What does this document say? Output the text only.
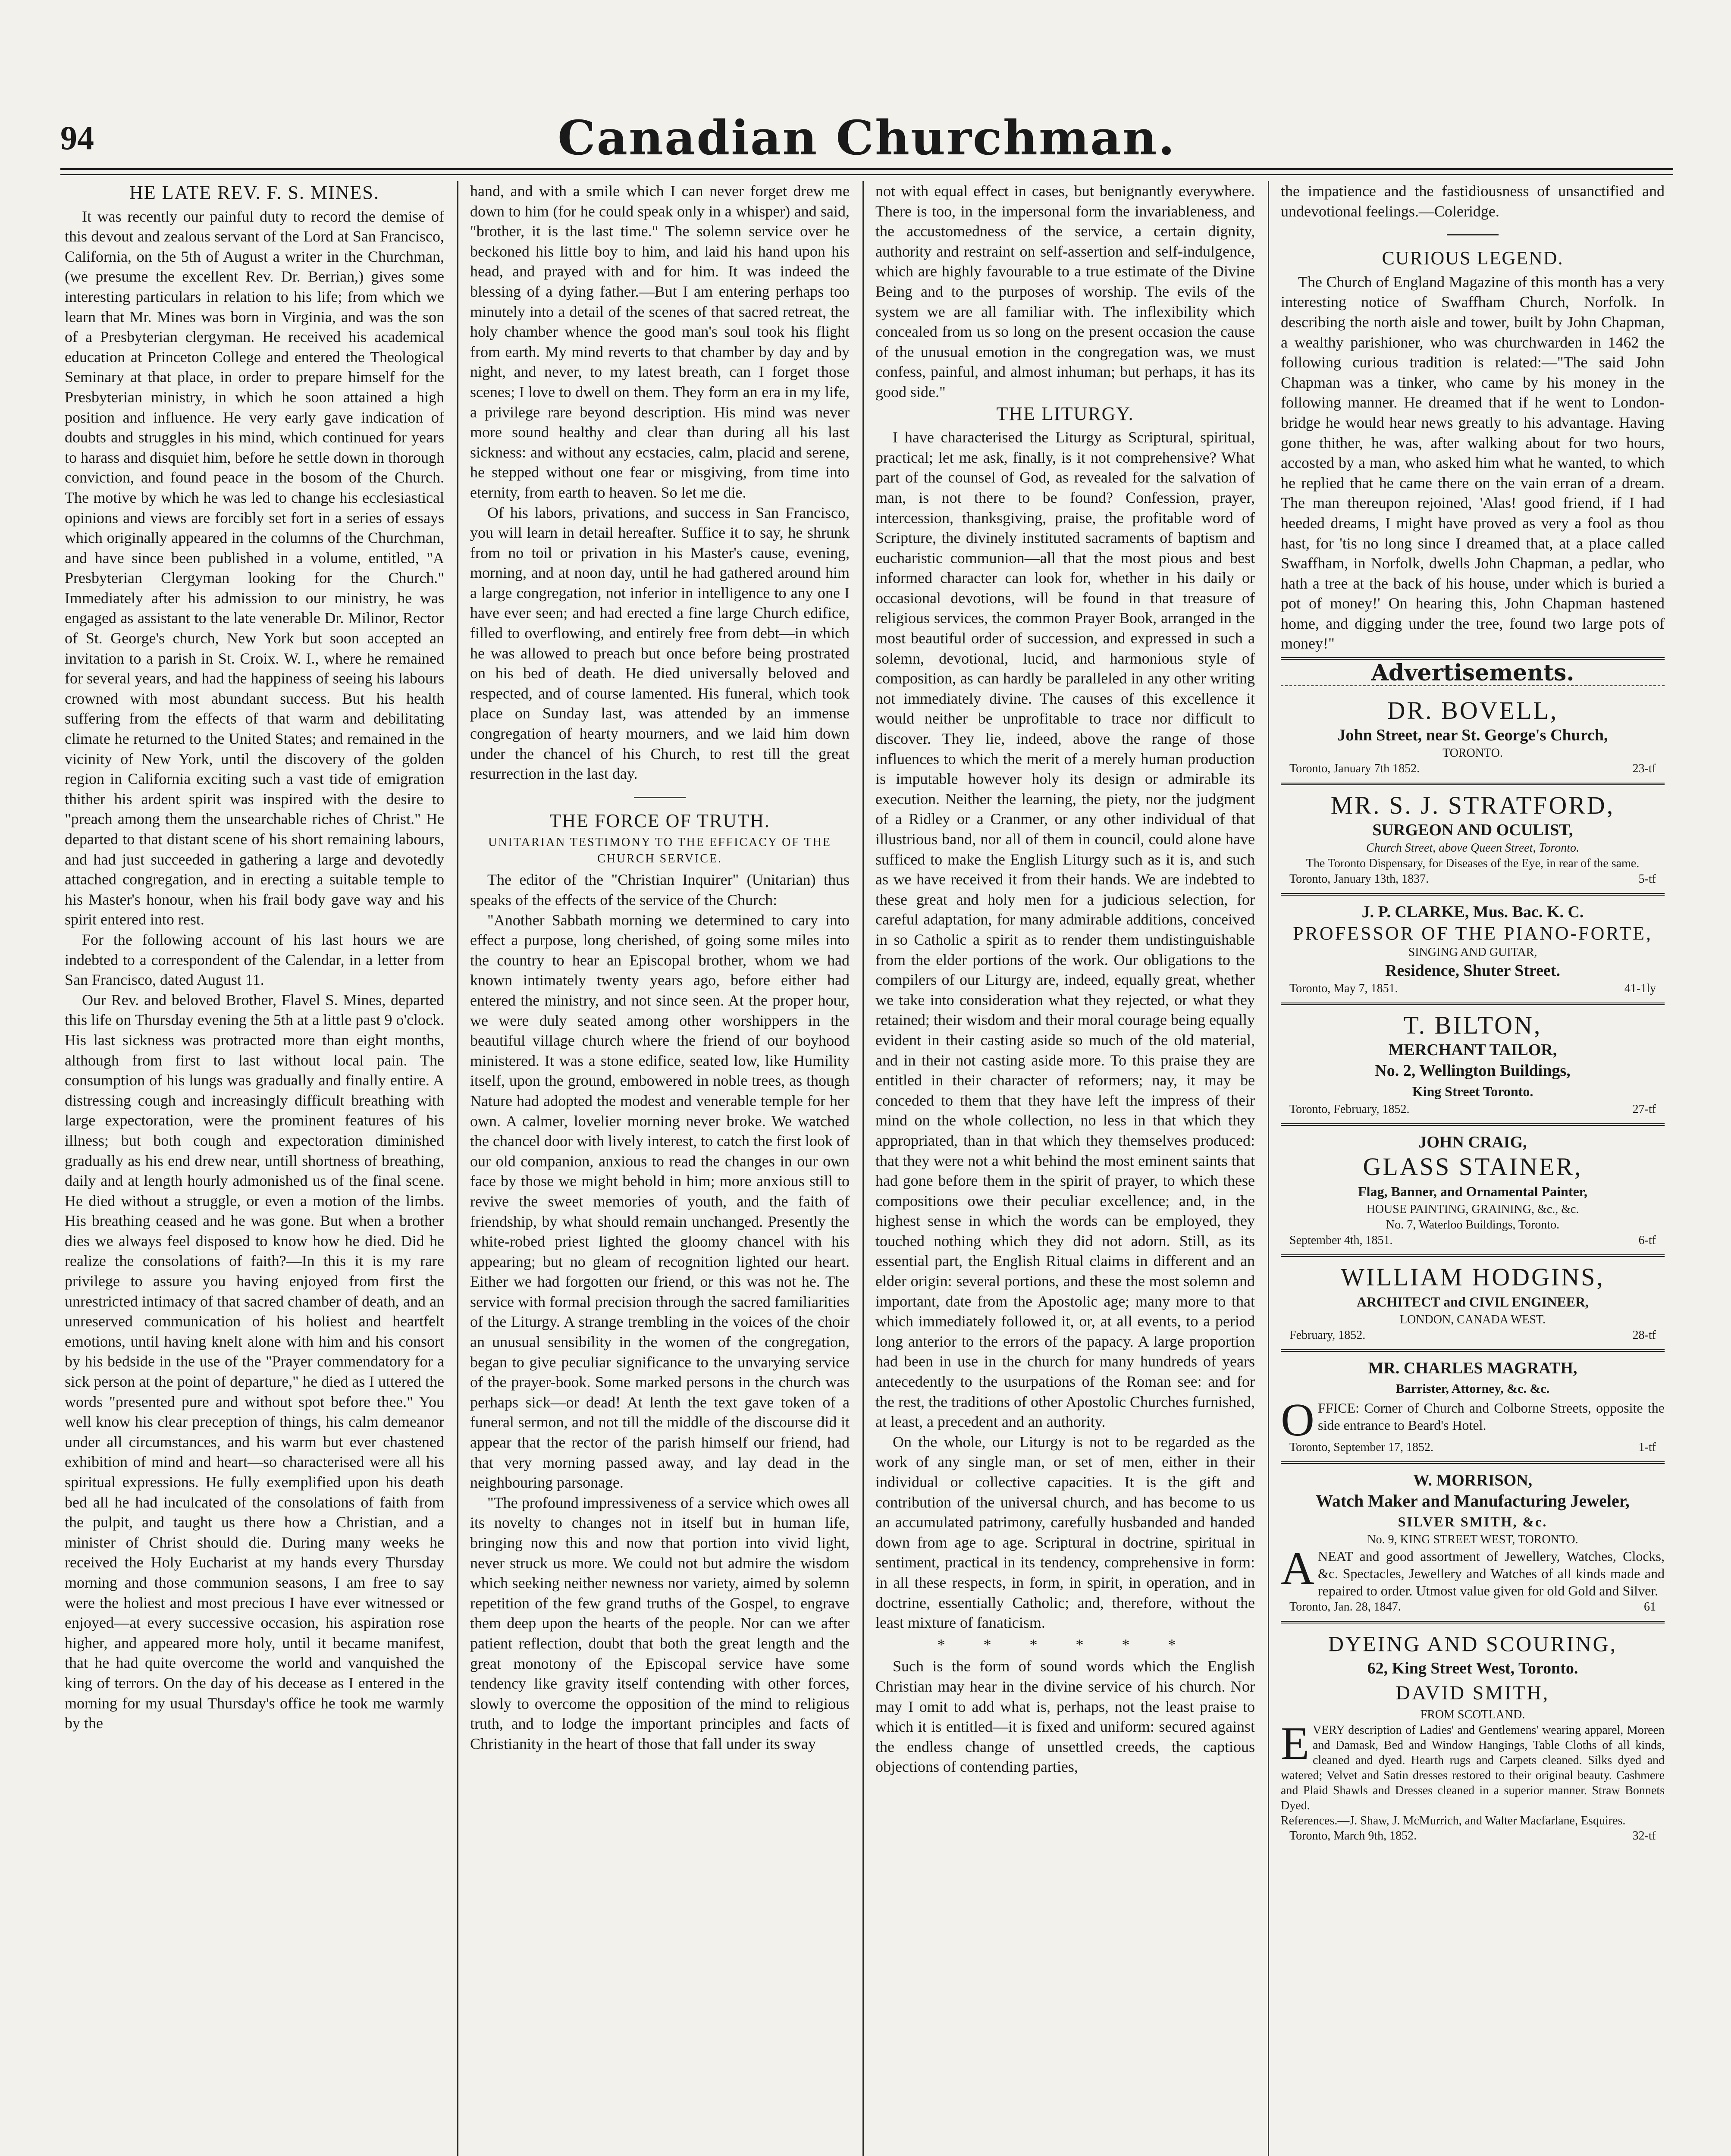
94	Canadian Churchman.
HE LATE REV. F. S. MINES.

It was recently our painful duty to record the demise of this devout and zealous servant of the Lord at San Francisco, California, on the 5th of August a writer in the Churchman, (we presume the excellent Rev. Dr. Berrian,) gives some interesting particulars in relation to his life; from which we learn that Mr. Mines was born in Virginia, and was the son of a Presbyterian clergyman. He received his academical education at Princeton College and entered the Theological Seminary at that place, in order to prepare himself for the Presbyterian ministry, in which he soon attained a high position and influence. He very early gave indication of doubts and struggles in his mind, which continued for years to harass and disquiet him, before he settle down in thorough conviction, and found peace in the bosom of the Church. The motive by which he was led to change his ecclesiastical opinions and views are forcibly set fort in a series of essays which originally appeared in the columns of the Churchman, and have since been published in a volume, entitled, "A Presbyterian Clergyman looking for the Church." Immediately after his admission to our ministry, he was engaged as assistant to the late venerable Dr. Milinor, Rector of St. George's church, New York but soon accepted an invitation to a parish in St. Croix. W. I., where he remained for several years, and had the happiness of seeing his labours crowned with most abundant success. But his health suffering from the effects of that warm and debilitating climate he returned to the United States; and remained in the vicinity of New York, until the discovery of the golden region in California exciting such a vast tide of emigration thither his ardent spirit was inspired with the desire to "preach among them the unsearchable riches of Christ." He departed to that distant scene of his short remaining labours, and had just succeeded in gathering a large and devotedly attached congregation, and in erecting a suitable temple to his Master's honour, when his frail body gave way and his spirit entered into rest.

For the following account of his last hours we are indebted to a correspondent of the Calendar, in a letter from San Francisco, dated August 11.

Our Rev. and beloved Brother, Flavel S. Mines, departed this life on Thursday evening the 5th at a little past 9 o'clock. His last sickness was protracted more than eight months, although from first to last without local pain. The consumption of his lungs was gradually and finally entire. A distressing cough and increasingly difficult breathing with large expectoration, were the prominent features of his illness; but both cough and expectoration diminished gradually as his end drew near, untill shortness of breathing, daily and at length hourly admonished us of the final scene. He died without a struggle, or even a motion of the limbs. His breathing ceased and he was gone. But when a brother dies we always feel disposed to know how he died. Did he realize the consolations of faith?—In this it is my rare privilege to assure you having enjoyed from first the unrestricted intimacy of that sacred chamber of death, and an unreserved communication of his holiest and heartfelt emotions, until having knelt alone with him and his consort by his bedside in the use of the "Prayer commendatory for a sick person at the point of departure," he died as I uttered the words "presented pure and without spot before thee." You well know his clear preception of things, his calm demeanor under all circumstances, and his warm but ever chastened exhibition of mind and heart—so characterised were all his spiritual expressions. He fully exemplified upon his death bed all he had inculcated of the consolations of faith from the pulpit, and taught us there how a Christian, and a minister of Christ should die. During many weeks he received the Holy Eucharist at my hands every Thursday morning and those communion seasons, I am free to say were the holiest and most precious I have ever witnessed or enjoyed—at every successive occasion, his aspiration rose higher, and appeared more holy, until it became manifest, that he had quite overcome the world and vanquished the king of terrors. On the day of his decease as I entered in the morning for my usual Thursday's office he took me warmly by the

hand, and with a smile which I can never forget drew me down to him (for he could speak only in a whisper) and said, "brother, it is the last time." The solemn service over he beckoned his little boy to him, and laid his hand upon his head, and prayed with and for him. It was indeed the blessing of a dying father.—But I am entering perhaps too minutely into a detail of the scenes of that sacred retreat, the holy chamber whence the good man's soul took his flight from earth. My mind reverts to that chamber by day and by night, and never, to my latest breath, can I forget those scenes; I love to dwell on them. They form an era in my life, a privilege rare beyond description. His mind was never more sound healthy and clear than during all his last sickness: and without any ecstacies, calm, placid and serene, he stepped without one fear or misgiving, from time into eternity, from earth to heaven. So let me die.

Of his labors, privations, and success in San Francisco, you will learn in detail hereafter. Suffice it to say, he shrunk from no toil or privation in his Master's cause, evening, morning, and at noon day, until he had gathered around him a large congregation, not inferior in intelligence to any one I have ever seen; and had erected a fine large Church edifice, filled to overflowing, and entirely free from debt—in which he was allowed to preach but once before being prostrated on his bed of death. He died universally beloved and respected, and of course lamented. His funeral, which took place on Sunday last, was attended by an immense congregation of hearty mourners, and we laid him down under the chancel of his Church, to rest till the great resurrection in the last day.

THE FORCE OF TRUTH.
UNITARIAN TESTIMONY TO THE EFFICACY OF THE CHURCH SERVICE.

The editor of the "Christian Inquirer" (Unitarian) thus speaks of the effects of the service of the Church:

"Another Sabbath morning we determined to cary into effect a purpose, long cherished, of going some miles into the country to hear an Episcopal brother, whom we had known intimately twenty years ago, before either had entered the ministry, and not since seen. At the proper hour, we were duly seated among other worshippers in the beautiful village church where the friend of our boyhood ministered. It was a stone edifice, seated low, like Humility itself, upon the ground, embowered in noble trees, as though Nature had adopted the modest and venerable temple for her own. A calmer, lovelier morning never broke. We watched the chancel door with lively interest, to catch the first look of our old companion, anxious to read the changes in our own face by those we might behold in him; more anxious still to revive the sweet memories of youth, and the faith of friendship, by what should remain unchanged. Presently the white-robed priest lighted the gloomy chancel with his appearing; but no gleam of recognition lighted our heart. Either we had forgotten our friend, or this was not he. The service with formal precision through the sacred familiarities of the Liturgy. A strange trembling in the voices of the choir an unusual sensibility in the women of the congregation, began to give peculiar significance to the unvarying service of the prayer-book. Some marked persons in the church was perhaps sick—or dead! At lenth the text gave token of a funeral sermon, and not till the middle of the discourse did it appear that the rector of the parish himself our friend, had that very morning passed away, and lay dead in the neighbouring parsonage.

"The profound impressiveness of a service which owes all its novelty to changes not in itself but in human life, bringing now this and now that portion into vivid light, never struck us more. We could not but admire the wisdom which seeking neither newness nor variety, aimed by solemn repetition of the few grand truths of the Gospel, to engrave them deep upon the hearts of the people. Nor can we after patient reflection, doubt that both the great length and the great monotony of the Episcopal service have some tendency like gravity itself contending with other forces, slowly to overcome the opposition of the mind to religious truth, and to lodge the important principles and facts of Christianity in the heart of those that fall under its sway

not with equal effect in cases, but benignantly everywhere. There is too, in the impersonal form the invariableness, and the accustomedness of the service, a certain dignity, authority and restraint on self-assertion and self-indulgence, which are highly favourable to a true estimate of the Divine Being and to the purposes of worship. The evils of the system we are all familiar with. The inflexibility which concealed from us so long on the present occasion the cause of the unusual emotion in the congregation was, we must confess, painful, and almost inhuman; but perhaps, it has its good side."

THE LITURGY.

I have characterised the Liturgy as Scriptural, spiritual, practical; let me ask, finally, is it not comprehensive? What part of the counsel of God, as revealed for the salvation of man, is not there to be found? Confession, prayer, intercession, thanksgiving, praise, the profitable word of Scripture, the divinely instituted sacraments of baptism and eucharistic communion—all that the most pious and best informed character can look for, whether in his daily or occasional devotions, will be found in that treasure of religious services, the common Prayer Book, arranged in the most beautiful order of succession, and expressed in such a solemn, devotional, lucid, and harmonious style of composition, as can hardly be paralleled in any other writing not immediately divine. The causes of this excellence it would neither be unprofitable to trace nor difficult to discover. They lie, indeed, above the range of those influences to which the merit of a merely human production is imputable however holy its design or admirable its execution. Neither the learning, the piety, nor the judgment of a Ridley or a Cranmer, or any other individual of that illustrious band, nor all of them in council, could alone have sufficed to make the English Liturgy such as it is, and such as we have received it from their hands. We are indebted to these great and holy men for a judicious selection, for careful adaptation, for many admirable additions, conceived in so Catholic a spirit as to render them undistinguishable from the elder portions of the work. Our obligations to the compilers of our Liturgy are, indeed, equally great, whether we take into consideration what they rejected, or what they retained; their wisdom and their moral courage being equally evident in their casting aside so much of the old material, and in their not casting aside more. To this praise they are entitled in their character of reformers; nay, it may be conceded to them that they have left the impress of their mind on the whole collection, no less in that which they appropriated, than in that which they themselves produced: that they were not a whit behind the most eminent saints that had gone before them in the spirit of prayer, to which these compositions owe their peculiar excellence; and, in the highest sense in which the words can be employed, they touched nothing which they did not adorn. Still, as its essential part, the English Ritual claims in different and an elder origin: several portions, and these the most solemn and important, date from the Apostolic age; many more to that which immediately followed it, or, at all events, to a period long anterior to the errors of the papacy. A large proportion had been in use in the church for many hundreds of years antecedently to the usurpations of the Roman see: and for the rest, the traditions of other Apostolic Churches furnished, at least, a precedent and an authority.

On the whole, our Liturgy is not to be regarded as the work of any single man, or set of men, either in their individual or collective capacities. It is the gift and contribution of the universal church, and has become to us an accumulated patrimony, carefully husbanded and handed down from age to age. Scriptural in doctrine, spiritual in sentiment, practical in its tendency, comprehensive in form: in all these respects, in form, in spirit, in operation, and in doctrine, essentially Catholic; and, therefore, without the least mixture of fanaticism.

* * * * * *

Such is the form of sound words which the English Christian may hear in the divine service of his church. Nor may I omit to add what is, perhaps, not the least praise to which it is entitled—it is fixed and uniform: secured against the endless change of unsettled creeds, the captious objections of contending parties,

the impatience and the fastidiousness of unsanctified and undevotional feelings.—Coleridge.

CURIOUS LEGEND.

The Church of England Magazine of this month has a very interesting notice of Swaffham Church, Norfolk. In describing the north aisle and tower, built by John Chapman, a wealthy parishioner, who was churchwarden in 1462 the following curious tradition is related:—"The said John Chapman was a tinker, who came by his money in the following manner. He dreamed that if he went to London-bridge he would hear news greatly to his advantage. Having gone thither, he was, after walking about for two hours, accosted by a man, who asked him what he wanted, to which he replied that he came there on the vain erran of a dream. The man thereupon rejoined, 'Alas! good friend, if I had heeded dreams, I might have proved as very a fool as thou hast, for 'tis no long since I dreamed that, at a place called Swaffham, in Norfolk, dwells John Chapman, a pedlar, who hath a tree at the back of his house, under which is buried a pot of money!' On hearing this, John Chapman hastened home, and digging under the tree, found two large pots of money!"

Advertisements.
DR. BOVELL,
John Street, near St. George's Church,
TORONTO.
Toronto, January 7th 1852.	23-tf
MR. S. J. STRATFORD,
SURGEON AND OCULIST,
Church Street, above Queen Street, Toronto.
The Toronto Dispensary, for Diseases of the Eye, in rear of the same.
Toronto, January 13th, 1837.	5-tf
J. P. CLARKE, Mus. Bac. K. C.
PROFESSOR OF THE PIANO-FORTE,
SINGING AND GUITAR,
Residence, Shuter Street.
Toronto, May 7, 1851.	41-1ly
T. BILTON,
MERCHANT TAILOR,
No. 2, Wellington Buildings,
King Street Toronto.
Toronto, February, 1852.	27-tf
JOHN CRAIG,
GLASS STAINER,
Flag, Banner, and Ornamental Painter,
HOUSE PAINTING, GRAINING, &c., &c.
No. 7, Waterloo Buildings, Toronto.
September 4th, 1851.	6-tf
WILLIAM HODGINS,
ARCHITECT and CIVIL ENGINEER,
LONDON, CANADA WEST.
February, 1852.	28-tf
MR. CHARLES MAGRATH,
Barrister, Attorney, &c. &c.
OFFICE: Corner of Church and Colborne Streets, opposite the side entrance to Beard's Hotel.
Toronto, September 17, 1852.	1-tf
W. MORRISON,
Watch Maker and Manufacturing Jeweler,
SILVER SMITH, &c.
No. 9, KING STREET WEST, TORONTO.
ANEAT and good assortment of Jewellery, Watches, Clocks, &c. Spectacles, Jewellery and Watches of all kinds made and repaired to order. Utmost value given for old Gold and Silver.
Toronto, Jan. 28, 1847.	61
DYEING AND SCOURING,
62, King Street West, Toronto.
DAVID SMITH,
FROM SCOTLAND.
EVERY description of Ladies' and Gentlemens' wearing apparel, Moreen and Damask, Bed and Window Hangings, Table Cloths of all kinds, cleaned and dyed. Hearth rugs and Carpets cleaned. Silks dyed and watered; Velvet and Satin dresses restored to their original beauty. Cashmere and Plaid Shawls and Dresses cleaned in a superior manner. Straw Bonnets Dyed.
References.—J. Shaw, J. McMurrich, and Walter Macfarlane, Esquires.
Toronto, March 9th, 1852.	32-tf
